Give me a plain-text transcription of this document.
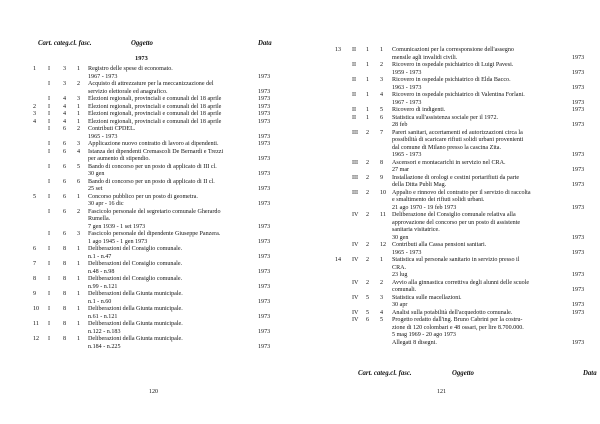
Cart. categ.cl. fasc.	Oggetto	Data
1973
1 I 3 1 Registro delle spese di economato.
1967 - 1973	1973
I 3 2 Acquisto di attrezzature per la meccanizzazione del
servizio elettorale ed anagrafico.	1973
I 4 3 Elezioni regionali, provinciali e comunali del 18 aprile	1973
2 I 4 1 Elezioni regionali, provinciali e comunali del 18 aprile	1973
3 I 4 1 Elezioni regionali, provinciali e comunali del 18 aprile	1973
4 I 4 1 Elezioni regionali, provinciali e comunali del 18 aprile	1973
I 6 2 Contributi CPDEL.
1965 - 1973	1973
I 6 3 Applicazione nuovo contratto di lavoro ai dipendenti.	1973
I 6 4 Istanza dei dipendenti Cremascoli De Bernardi e Trezzi
per aumento di stipendio.	1973
I 6 5 Bando di concorso per un posto di applicato di III cl.
30 gen	1973
I 6 6 Bando di concorso per un posto di applicato di II cl.
25 set	1973
5 I 6 1 Concorso pubblico per un posto di geometra.
30 apr - 16 dic	1973
I 6 2 Fascicolo personale del segretario comunale Gherardo
Rumella.
7 gen 1939 - 1 set 1973	1973
I 6 3 Fascicolo personale del dipendente Giuseppe Panzera.
1 ago 1945 - 1 gen 1973	1973
6 I 8 1 Deliberazioni del Consiglio comunale.
n.1 - n.47	1973
7 I 8 1 Deliberazioni del Consiglio comunale.
n.48 - n.98	1973
8 I 8 1 Deliberazioni del Consiglio comunale.
n.99 - n.121	1973
9 I 8 1 Deliberazioni della Giunta municipale.
n.1 - n.60	1973
10 I 8 1 Deliberazioni della Giunta municipale.
n.61 - n.121	1973
11 I 8 1 Deliberazioni della Giunta municipale.
n.122 - n.183	1973
12 I 8 1 Deliberazioni della Giunta municipale.
n.184 - n.225	1973
120
13 II 1 1 Comunicazioni per la corresponsione dell'assegno
mensile agli invalidi civili.	1973
II 1 2 Ricovero in ospedale psichiatrico di Luigi Pavesi.
1959 - 1973	1973
II 1 3 Ricovero in ospedale psichiatrico di Elda Bacco.
1963 - 1973	1973
II 1 4 Ricovero in ospedale psichiatrico di Valentina Forlani.
1967 - 1973	1973
II 1 5 Ricovero di indigenti.	1973
II 1 6 Statistica sull'assistenza sociale per il 1972.
28 feb	1973
III 2 7 Pareri sanitari, accertamenti ed autorizzazioni circa la
possibilità di scaricare rifiuti solidi urbani provenienti
dal comune di Milano presso la cascina Zita.
1965 - 1973	1973
III 2 8 Ascensori e montacarichi in servizio nel CRA.
27 mar	1973
III 2 9 Installazione di orologi e cestini portarifiuti da parte
della Ditta Publi Mag.	1973
III 2 10 Appalto e rinnovo del contratto per il servizio di raccolta
e smaltimento dei rifiuti solidi urbani.
21 ago 1970 - 19 feb 1973	1973
IV 2 11 Deliberazione del Consiglio comunale relativa alla
approvazione del concorso per un posto di assistente
sanitaria visitatrice.
30 gen	1973
IV 2 12 Contributi alla Cassa pensioni sanitari.
1965 - 1973	1973
14 IV 2 1 Statistica sul personale sanitario in servizio presso il
CRA.
23 lug	1973
IV 2 2 Avvio alla ginnastica correttiva degli alunni delle scuole
comunali.	1973
IV 5 3 Statistica sulle macellazioni.
30 apr	1973
IV 5 4 Analisi sulla potabilità dell'acquedotto comunale.	1973
IV 6 5 Progetto redatto dall'ing. Bruno Cabrini per la costru-
zione di 120 colombari e 48 ossari, per lire 8.700.000.
5 mag 1969 - 20 ago 1973
Allegati 8 disegni.	1973
Cart. categ.cl. fasc.	Oggetto	Data
121
